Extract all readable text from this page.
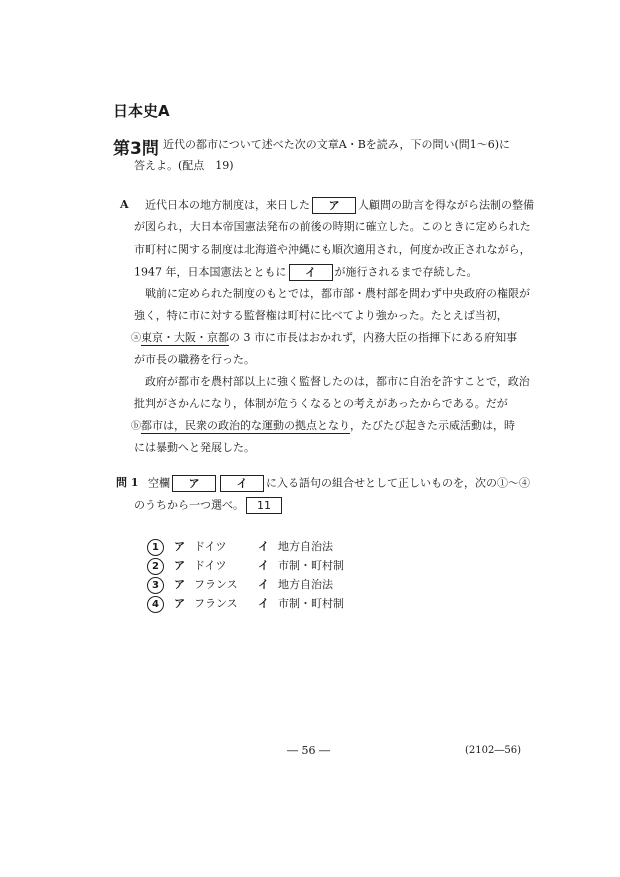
日本史A
第3問 近代の都市について述べた次の文章A・Bを読み，下の問い(問1～6)に
答えよ。(配点　19)
A 近代日本の地方制度は，来日した ア 人顧問の助言を得ながら法制の整備
が図られ，大日本帝国憲法発布の前後の時期に確立した。このときに定められた
市町村に関する制度は北海道や沖縄にも順次適用され，何度か改正されながら，
1947 年，日本国憲法とともに イ が施行されるまで存続した。
戦前に定められた制度のもとでは，都市部・農村部を問わず中央政府の権限が
強く，特に市に対する監督権は町村に比べてより強かった。たとえば当初，
ⓐ東京・大阪・京都の 3 市に市長はおかれず，内務大臣の指揮下にある府知事
が市長の職務を行った。
政府が都市を農村部以上に強く監督したのは，都市に自治を許すことで，政治
批判がさかんになり，体制が危うくなるとの考えがあったからである。だが
ⓑ都市は，民衆の政治的な運動の拠点となり，たびたび起きた示威活動は，時
には暴動へと発展した。
問 1 空欄 ア	イ に入る語句の組合せとして正しいものを，次の①～④
のうちから一つ選べ。 11
1 ア ドイツ	イ 地方自治法
2 ア ドイツ	イ 市制・町村制
3 ア フランス イ 地方自治法
4 ア フランス イ 市制・町村制
― 56 ―	(2102―56)
